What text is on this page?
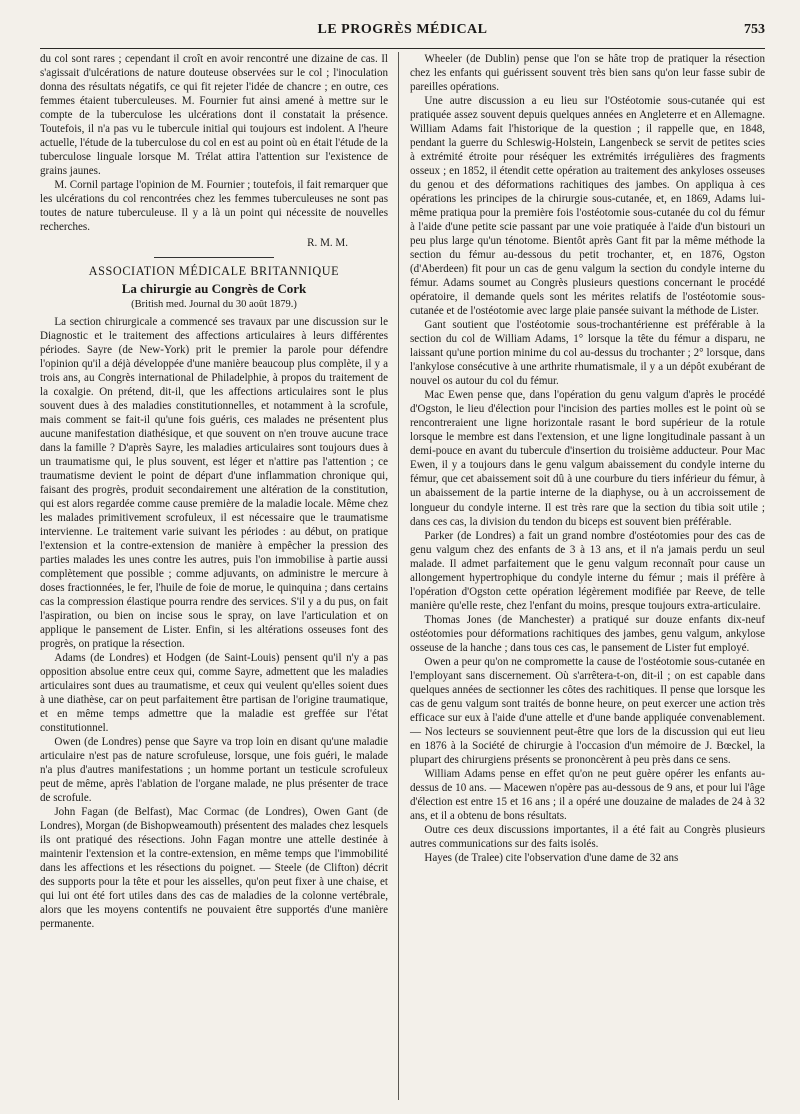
LE PROGRÈS MÉDICAL	753

du col sont rares ; cependant il croît en avoir rencontré une dizaine de cas. Il s'agissait d'ulcérations de nature douteuse observées sur le col ; l'inoculation donna des résultats négatifs, ce qui fit rejeter l'idée de chancre ; en outre, ces femmes étaient tuberculeuses. M. Fournier fut ainsi amené à mettre sur le compte de la tuberculose les ulcérations dont il constatait la présence. Toutefois, il n'a pas vu le tubercule initial qui toujours est indolent. A l'heure actuelle, l'étude de la tuberculose du col en est au point où en était l'étude de la tuberculose linguale lorsque M. Trélat attira l'attention sur l'existence de grains jaunes.

M. Cornil partage l'opinion de M. Fournier ; toutefois, il fait remarquer que les ulcérations du col rencontrées chez les femmes tuberculeuses ne sont pas toutes de nature tuberculeuse. Il y a là un point qui nécessite de nouvelles recherches.

R. M. M.
ASSOCIATION MÉDICALE BRITANNIQUE
La chirurgie au Congrès de Cork
(British med. Journal du 30 août 1879.)

La section chirurgicale a commencé ses travaux par une discussion sur le Diagnostic et le traitement des affections articulaires à leurs différentes périodes. Sayre (de New-York) prit le premier la parole pour défendre l'opinion qu'il a déjà développée d'une manière beaucoup plus complète, il y a trois ans, au Congrès international de Philadelphie, à propos du traitement de la coxalgie. On prétend, dit-il, que les affections articulaires sont le plus souvent dues à des maladies constitutionnelles, et notamment à la scrofule, mais comment se fait-il qu'une fois guéris, ces malades ne présentent plus aucune manifestation diathésique, et que souvent on n'en trouve aucune trace dans la famille ? D'après Sayre, les maladies articulaires sont toujours dues à un traumatisme qui, le plus souvent, est léger et n'attire pas l'attention ; ce traumatisme devient le point de départ d'une inflammation chronique qui, faisant des progrès, produit secondairement une altération de la constitution, qui est alors regardée comme cause première de la maladie locale. Même chez les malades primitivement scrofuleux, il est nécessaire que le traumatisme intervienne. Le traitement varie suivant les périodes : au début, on pratique l'extension et la contre-extension de manière à empêcher la pression des parties malades les unes contre les autres, puis l'on immobilise à partie aussi complètement que possible ; comme adjuvants, on administre le mercure à doses fractionnées, le fer, l'huile de foie de morue, le quinquina ; dans certains cas la compression élastique pourra rendre des services. S'il y a du pus, on fait l'aspiration, ou bien on incise sous le spray, on lave l'articulation et on applique le pansement de Lister. Enfin, si les altérations osseuses font des progrès, on pratique la résection.

Adams (de Londres) et Hodgen (de Saint-Louis) pensent qu'il n'y a pas opposition absolue entre ceux qui, comme Sayre, admettent que les maladies articulaires sont dues au traumatisme, et ceux qui veulent qu'elles soient dues à une diathèse, car on peut parfaitement être partisan de l'origine traumatique, et en même temps admettre que la maladie est greffée sur l'état constitutionnel.

Owen (de Londres) pense que Sayre va trop loin en disant qu'une maladie articulaire n'est pas de nature scrofuleuse, lorsque, une fois guéri, le malade n'a plus d'autres manifestations ; un homme portant un testicule scrofuleux peut de même, après l'ablation de l'organe malade, ne plus présenter de trace de scrofule.

John Fagan (de Belfast), Mac Cormac (de Londres), Owen Gant (de Londres), Morgan (de Bishopweamouth) présentent des malades chez lesquels ils ont pratiqué des résections. John Fagan montre une attelle destinée à maintenir l'extension et la contre-extension, en même temps que l'immobilité dans les affections et les résections du poignet. — Steele (de Clifton) décrit des supports pour la tête et pour les aisselles, qu'on peut fixer à une chaise, et qui lui ont été fort utiles dans des cas de maladies de la colonne vertébrale, alors que les moyens contentifs ne pouvaient être supportés d'une manière permanente.

Wheeler (de Dublin) pense que l'on se hâte trop de pratiquer la résection chez les enfants qui guérissent souvent très bien sans qu'on leur fasse subir de pareilles opérations.

Une autre discussion a eu lieu sur l'Ostéotomie sous-cutanée qui est pratiquée assez souvent depuis quelques années en Angleterre et en Allemagne. William Adams fait l'historique de la question ; il rappelle que, en 1848, pendant la guerre du Schleswig-Holstein, Langenbeck se servit de petites scies à extrémité étroite pour réséquer les extrémités irrégulières des fragments osseux ; en 1852, il étendit cette opération au traitement des ankyloses osseuses du genou et des déformations rachitiques des jambes. On appliqua à ces opérations les principes de la chirurgie sous-cutanée, et, en 1869, Adams lui-même pratiqua pour la première fois l'ostéotomie sous-cutanée du col du fémur à l'aide d'une petite scie passant par une voie pratiquée à l'aide d'un bistouri un peu plus large qu'un ténotome. Bientôt après Gant fit par la même méthode la section du fémur au-dessous du petit trochanter, et, en 1876, Ogston (d'Aberdeen) fit pour un cas de genu valgum la section du condyle interne du fémur. Adams soumet au Congrès plusieurs questions concernant le procédé opératoire, il demande quels sont les mérites relatifs de l'ostéotomie sous-cutanée et de l'ostéotomie avec large plaie pansée suivant la méthode de Lister.

Gant soutient que l'ostéotomie sous-trochantérienne est préférable à la section du col de William Adams, 1° lorsque la tête du fémur a disparu, ne laissant qu'une portion minime du col au-dessus du trochanter ; 2° lorsque, dans l'ankylose consécutive à une arthrite rhumatismale, il y a un dépôt exubérant de nouvel os autour du col du fémur.

Mac Ewen pense que, dans l'opération du genu valgum d'après le procédé d'Ogston, le lieu d'élection pour l'incision des parties molles est le point où se rencontreraient une ligne horizontale rasant le bord supérieur de la rotule lorsque le membre est dans l'extension, et une ligne longitudinale passant à un demi-pouce en avant du tubercule d'insertion du troisième adducteur. Pour Mac Ewen, il y a toujours dans le genu valgum abaissement du condyle interne du fémur, que cet abaissement soit dû à une courbure du tiers inférieur du fémur, à un abaissement de la partie interne de la diaphyse, ou à un accroissement de longueur du condyle interne. Il est très rare que la section du tibia soit utile ; dans ces cas, la division du tendon du biceps est souvent bien préférable.

Parker (de Londres) a fait un grand nombre d'ostéotomies pour des cas de genu valgum chez des enfants de 3 à 13 ans, et il n'a jamais perdu un seul malade. Il admet parfaitement que le genu valgum reconnaît pour cause un allongement hypertrophique du condyle interne du fémur ; mais il préfère à l'opération d'Ogston cette opération légèrement modifiée par Reeve, de telle manière qu'elle reste, chez l'enfant du moins, presque toujours extra-articulaire.

Thomas Jones (de Manchester) a pratiqué sur douze enfants dix-neuf ostéotomies pour déformations rachitiques des jambes, genu valgum, ankylose osseuse de la hanche ; dans tous ces cas, le pansement de Lister fut employé.

Owen a peur qu'on ne compromette la cause de l'ostéotomie sous-cutanée en l'employant sans discernement. Où s'arrêtera-t-on, dit-il ; on est capable dans quelques années de sectionner les côtes des rachitiques. Il pense que lorsque les cas de genu valgum sont traités de bonne heure, on peut exercer une action très efficace sur eux à l'aide d'une attelle et d'une bande appliquée convenablement. — Nos lecteurs se souviennent peut-être que lors de la discussion qui eut lieu en 1876 à la Société de chirurgie à l'occasion d'un mémoire de J. Bœckel, la plupart des chirurgiens présents se prononcèrent à peu près dans ce sens.

William Adams pense en effet qu'on ne peut guère opérer les enfants au-dessus de 10 ans. — Macewen n'opère pas au-dessous de 9 ans, et pour lui l'âge d'élection est entre 15 et 16 ans ; il a opéré une douzaine de malades de 24 à 32 ans, et il a obtenu de bons résultats.

Outre ces deux discussions importantes, il a été fait au Congrès plusieurs autres communications sur des faits isolés.

Hayes (de Tralee) cite l'observation d'une dame de 32 ans
